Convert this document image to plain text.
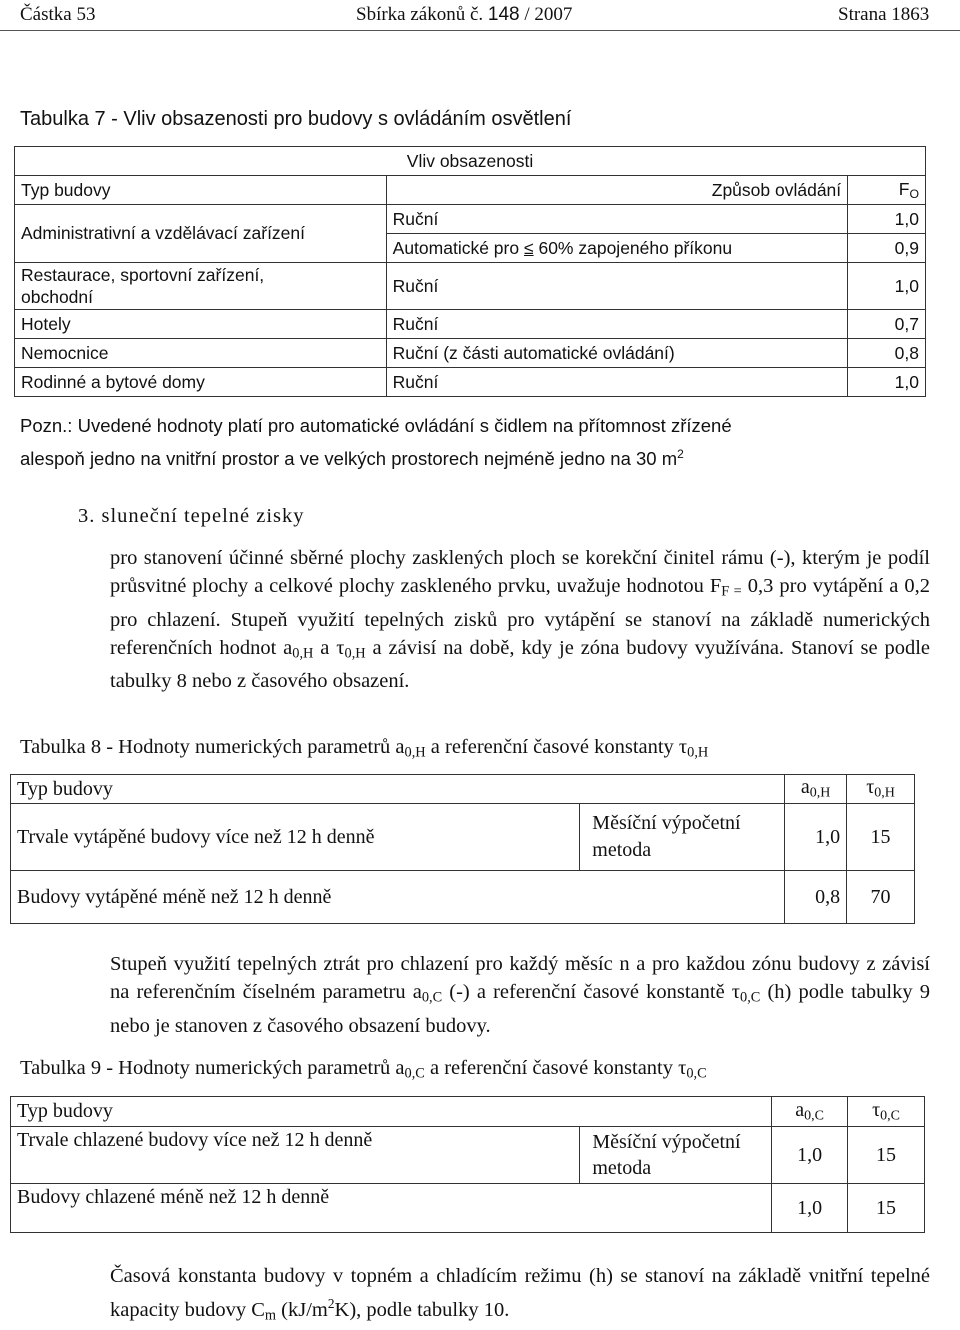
Částka 53	Sbírka zákonů č. 148 / 2007	Strana 1863
Tabulka 7 - Vliv obsazenosti pro budovy s ovládáním osvětlení
Vliv obsazenosti		
Typ budovy	Způsob ovládání	$F_O$
Administrativní a vzdělávací zařízení	Ruční	1,0
	Automatické pro ≤ 60% zapojeného příkonu	0,9
Restaurace, sportovní zařízení,
obchodní	Ruční	1,0
Hotely	Ruční	0,7
Nemocnice	Ruční (z části automatické ovládání)	0,8
Rodinné a bytové domy	Ruční	1,0
Pozn.: Uvedené hodnoty platí pro automatické ovládání s čidlem na přítomnost zřízené
alespoň jedno na vnitřní prostor a ve velkých prostorech nejméně jedno na 30 $m^2$
3. sluneční tepelné zisky
pro stanovení účinné sběrné plochy zasklených ploch se korekční činitel rámu (-), kterým je podíl průsvitné plochy a celkové plochy zaskleného prvku, uvažuje hodnotou $F_{F =}$ 0,3 pro vytápění a 0,2 pro chlazení. Stupeň využití tepelných zisků pro vytápění se stanoví na základě numerických referenčních hodnot $a_{0,H}$ a $\tau_{0,H}$ a závisí na době, kdy je zóna budovy využívána. Stanoví se podle tabulky 8 nebo z časového obsazení.
Tabulka 8 - Hodnoty numerických parametrů $a_{0,H}$ a referenční časové konstanty $\tau_{0,H}$
Typ budovy		$a_{0,H}$	$\tau_{0,H}$
Trvale vytápěné budovy více než 12 h denně	Měsíční výpočetní
metoda	1,0	15
Budovy vytápěné méně než 12 h denně		0,8	70
Stupeň využití tepelných ztrát pro chlazení pro každý měsíc n a pro každou zónu budovy z závisí na referenčním číselném parametru $a_{0,C}$ (-) a referenční časové konstantě $\tau_{0,C}$ (h) podle tabulky 9 nebo je stanoven z časového obsazení budovy.
Tabulka 9 - Hodnoty numerických parametrů $a_{0,C}$ a referenční časové konstanty $\tau_{0,C}$
Typ budovy		$a_{0,C}$	$\tau_{0,C}$
Trvale chlazené budovy více než 12 h denně	Měsíční výpočetní
metoda	1,0	15
Budovy chlazené méně než 12 h denně		1,0	15
Časová konstanta budovy v topném a chladícím režimu (h) se stanoví na základě vnitřní tepelné kapacity budovy $C_m$ $(kJ/m^2K)$, podle tabulky 10.
